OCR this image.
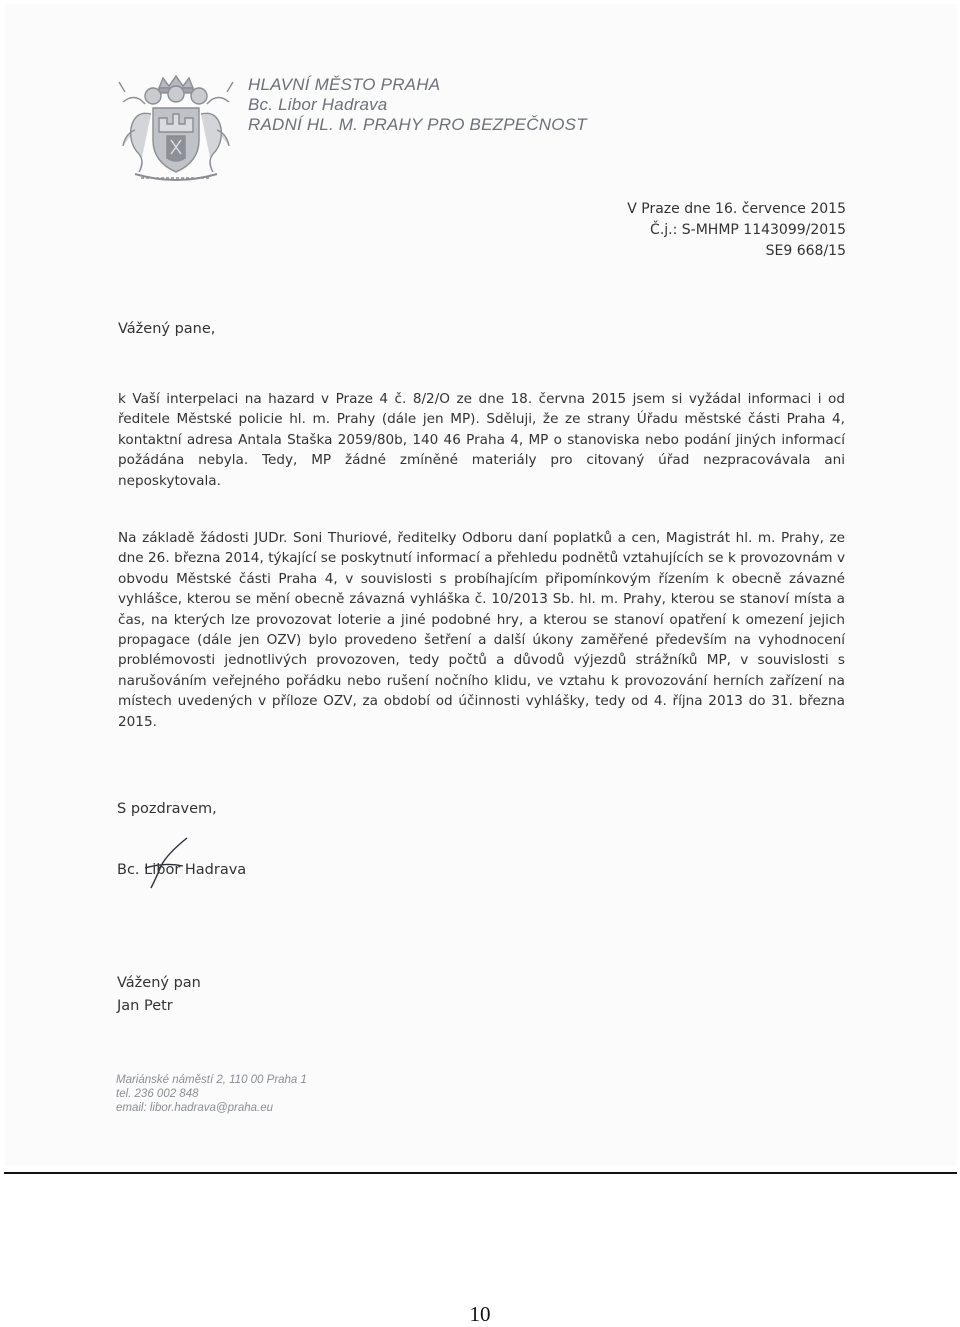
HLAVNÍ MĚSTO PRAHA
Bc. Libor Hadrava
RADNÍ HL. M. PRAHY PRO BEZPEČNOST
V Praze dne 16. července 2015
Č.j.: S-MHMP 1143099/2015
SE9 668/15
Vážený pane,

k Vaší interpelaci na hazard v Praze 4 č. 8/2/O ze dne 18. června 2015 jsem si vyžádal informaci i od ředitele Městské policie hl. m. Prahy (dále jen MP). Sděluji, že ze strany Úřadu městské části Praha 4, kontaktní adresa Antala Staška 2059/80b, 140 46 Praha 4, MP o stanoviska nebo podání jiných informací požádána nebyla. Tedy, MP žádné zmíněné materiály pro citovaný úřad nezpracovávala ani neposkytovala.

Na základě žádosti JUDr. Soni Thuriové, ředitelky Odboru daní poplatků a cen, Magistrát hl. m. Prahy, ze dne 26. března 2014, týkající se poskytnutí informací a přehledu podnětů vztahujících se k provozovnám v obvodu Městské části Praha 4, v souvislosti s probíhajícím připomínkovým řízením k obecně závazné vyhlášce, kterou se mění obecně závazná vyhláška č. 10/2013 Sb. hl. m. Prahy, kterou se stanoví místa a čas, na kterých lze provozovat loterie a jiné podobné hry, a kterou se stanoví opatření k omezení jejich propagace (dále jen OZV) bylo provedeno šetření a další úkony zaměřené především na vyhodnocení problémovosti jednotlivých provozoven, tedy počtů a důvodů výjezdů strážníků MP, v souvislosti s narušováním veřejného pořádku nebo rušení nočního klidu, ve vztahu k provozování herních zařízení na místech uvedených v příloze OZV, za období od účinnosti vyhlášky, tedy od 4. října 2013 do 31. března 2015.

S pozdravem,
Bc. Libor Hadrava
Vážený pan
Jan Petr
Mariánské náměstí 2, 110 00 Praha 1
tel. 236 002 848
email: libor.hadrava@praha.eu
10
